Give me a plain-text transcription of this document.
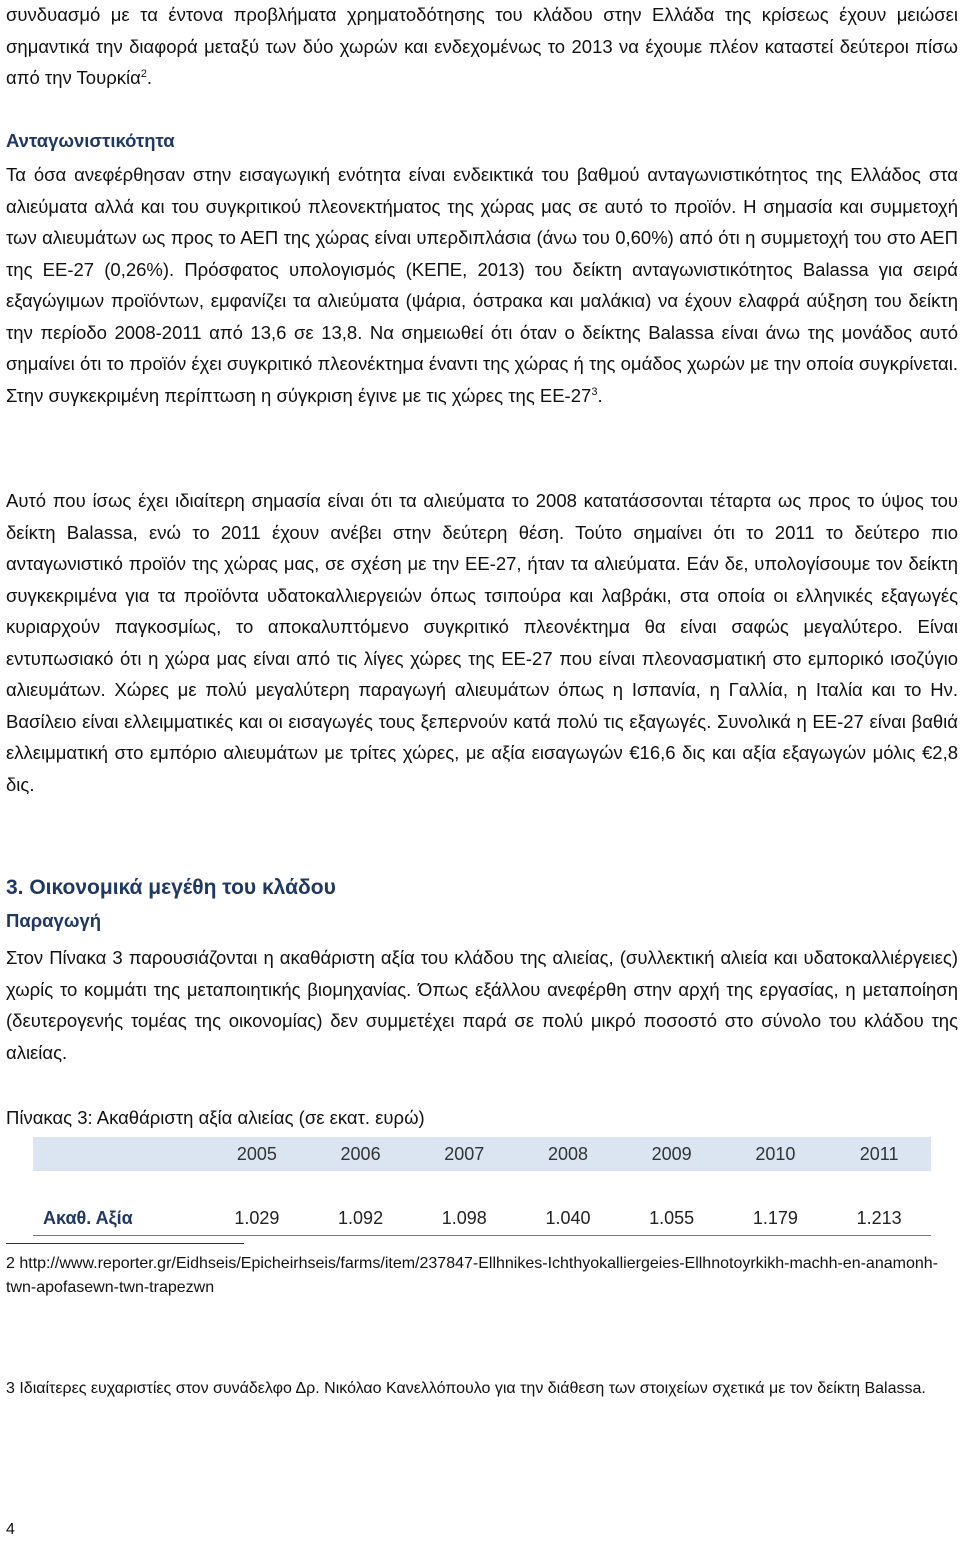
συνδυασμό με τα έντονα προβλήματα χρηματοδότησης του κλάδου στην Ελλάδα της κρίσεως έχουν μειώσει σημαντικά την διαφορά μεταξύ των δύο χωρών και ενδεχομένως το 2013 να έχουμε πλέον καταστεί δεύτεροι πίσω από την Τουρκία$^2$.

Ανταγωνιστικότητα

Τα όσα ανεφέρθησαν στην εισαγωγική ενότητα είναι ενδεικτικά του βαθμού ανταγωνιστικότητος της Ελλάδος στα αλιεύματα αλλά και του συγκριτικού πλεονεκτήματος της χώρας μας σε αυτό το προϊόν. Η σημασία και συμμετοχή των αλιευμάτων ως προς το ΑΕΠ της χώρας είναι υπερδιπλάσια (άνω του 0,60%) από ότι η συμμετοχή του στο ΑΕΠ της ΕΕ-27 (0,26%). Πρόσφατος υπολογισμός (ΚΕΠΕ, 2013) του δείκτη ανταγωνιστικότητος Balassa για σειρά εξαγώγιμων προϊόντων, εμφανίζει τα αλιεύματα (ψάρια, όστρακα και μαλάκια) να έχουν ελαφρά αύξηση του δείκτη την περίοδο 2008-2011 από 13,6 σε 13,8. Να σημειωθεί ότι όταν ο δείκτης Balassa είναι άνω της μονάδος αυτό σημαίνει ότι το προϊόν έχει συγκριτικό πλεονέκτημα έναντι της χώρας ή της ομάδος χωρών με την οποία συγκρίνεται. Στην συγκεκριμένη περίπτωση η σύγκριση έγινε με τις χώρες της $EE-27^3$.

Αυτό που ίσως έχει ιδιαίτερη σημασία είναι ότι τα αλιεύματα το 2008 κατατάσσονται τέταρτα ως προς το ύψος του δείκτη Balassa, ενώ το 2011 έχουν ανέβει στην δεύτερη θέση. Τούτο σημαίνει ότι το 2011 το δεύτερο πιο ανταγωνιστικό προϊόν της χώρας μας, σε σχέση με την ΕΕ-27, ήταν τα αλιεύματα. Εάν δε, υπολογίσουμε τον δείκτη συγκεκριμένα για τα προϊόντα υδατοκαλλιεργειών όπως τσιπούρα και λαβράκι, στα οποία οι ελληνικές εξαγωγές κυριαρχούν παγκοσμίως, το αποκαλυπτόμενο συγκριτικό πλεονέκτημα θα είναι σαφώς μεγαλύτερο. Είναι εντυπωσιακό ότι η χώρα μας είναι από τις λίγες χώρες της ΕΕ-27 που είναι πλεονασματική στο εμπορικό ισοζύγιο αλιευμάτων. Χώρες με πολύ μεγαλύτερη παραγωγή αλιευμάτων όπως η Ισπανία, η Γαλλία, η Ιταλία και το Ην. Βασίλειο είναι ελλειμματικές και οι εισαγωγές τους ξεπερνούν κατά πολύ τις εξαγωγές. Συνολικά η ΕΕ-27 είναι βαθιά ελλειμματική στο εμπόριο αλιευμάτων με τρίτες χώρες, με αξία εισαγωγών €16,6 δις και αξία εξαγωγών μόλις €2,8 δις.

3. Οικονομικά μεγέθη του κλάδου

Παραγωγή

Στον Πίνακα 3 παρουσιάζονται η ακαθάριστη αξία του κλάδου της αλιείας, (συλλεκτική αλιεία και υδατοκαλλιέργειες) χωρίς το κομμάτι της μεταποιητικής βιομηχανίας. Όπως εξάλλου ανεφέρθη στην αρχή της εργασίας, η μεταποίηση (δευτερογενής τομέας της οικονομίας) δεν συμμετέχει παρά σε πολύ μικρό ποσοστό στο σύνολο του κλάδου της αλιείας.

Πίνακας 3: Ακαθάριστη αξία αλιείας (σε εκατ. ευρώ)

	2005	2006	2007	2008	2009	2010	2011

Ακαθ. Αξία	1.029	1.092	1.098	1.040	1.055	1.179	1.213

2 http://www.reporter.gr/Eidhseis/Epicheirhseis/farms/item/237847-Ellhnikes-Ichthyokalliergeies-Ellhnotoyrkikh-machh-en-anamonh-twn-apofasewn-twn-trapezwn

3 Ιδιαίτερες ευχαριστίες στον συνάδελφο Δρ. Νικόλαο Κανελλόπουλο για την διάθεση των στοιχείων σχετικά με τον δείκτη Balassa.

4
